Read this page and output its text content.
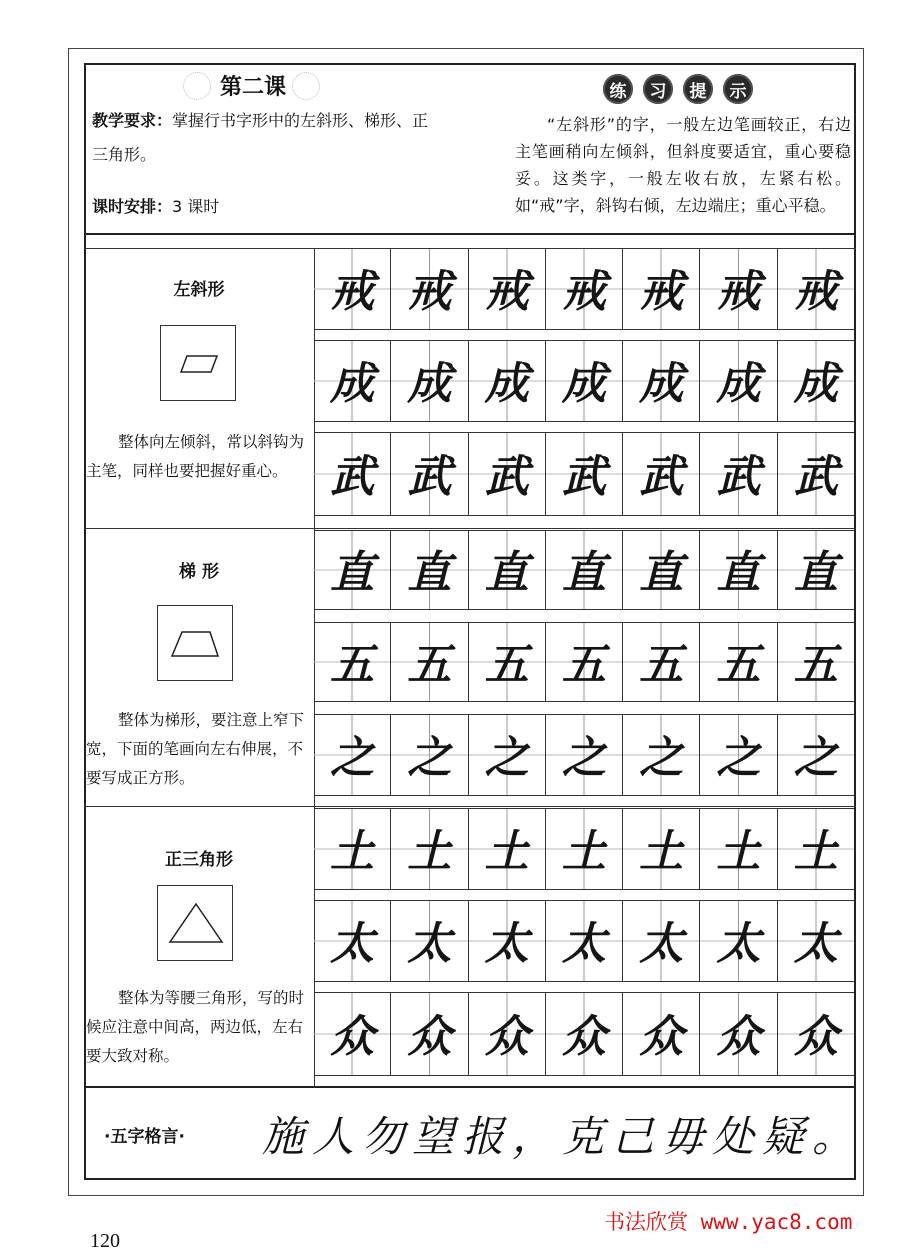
第二课
教学要求：掌握行书字形中的左斜形、梯形、正三角形。
课时安排：3 课时
练	习	提	示
“左斜形”的字，一般左边笔画较正，右边主笔画稍向左倾斜，但斜度要适宜，重心要稳妥。这类字，一般左收右放，左紧右松。如“戒”字，斜钩右倾，左边端庄；重心平稳。
左斜形
整体向左倾斜，常以斜钩为主笔，同样也要把握好重心。
梯 形
整体为梯形，要注意上窄下宽，下面的笔画向左右伸展，不要写成正方形。
正三角形
整体为等腰三角形，写的时候应注意中间高，两边低，左右要大致对称。
戒 戒 戒 戒 戒 戒 戒
成 成 成 成 成 成 成
武 武 武 武 武 武 武
直 直 直 直 直 直 直
五 五 五 五 五 五 五
之 之 之 之 之 之 之
土 土 土 土 土 土 土
太 太 太 太 太 太 太
众 众 众 众 众 众 众
·五字格言· 施人勿望报，克己毋处疑。
120
书法欣赏 www.yac8.com
